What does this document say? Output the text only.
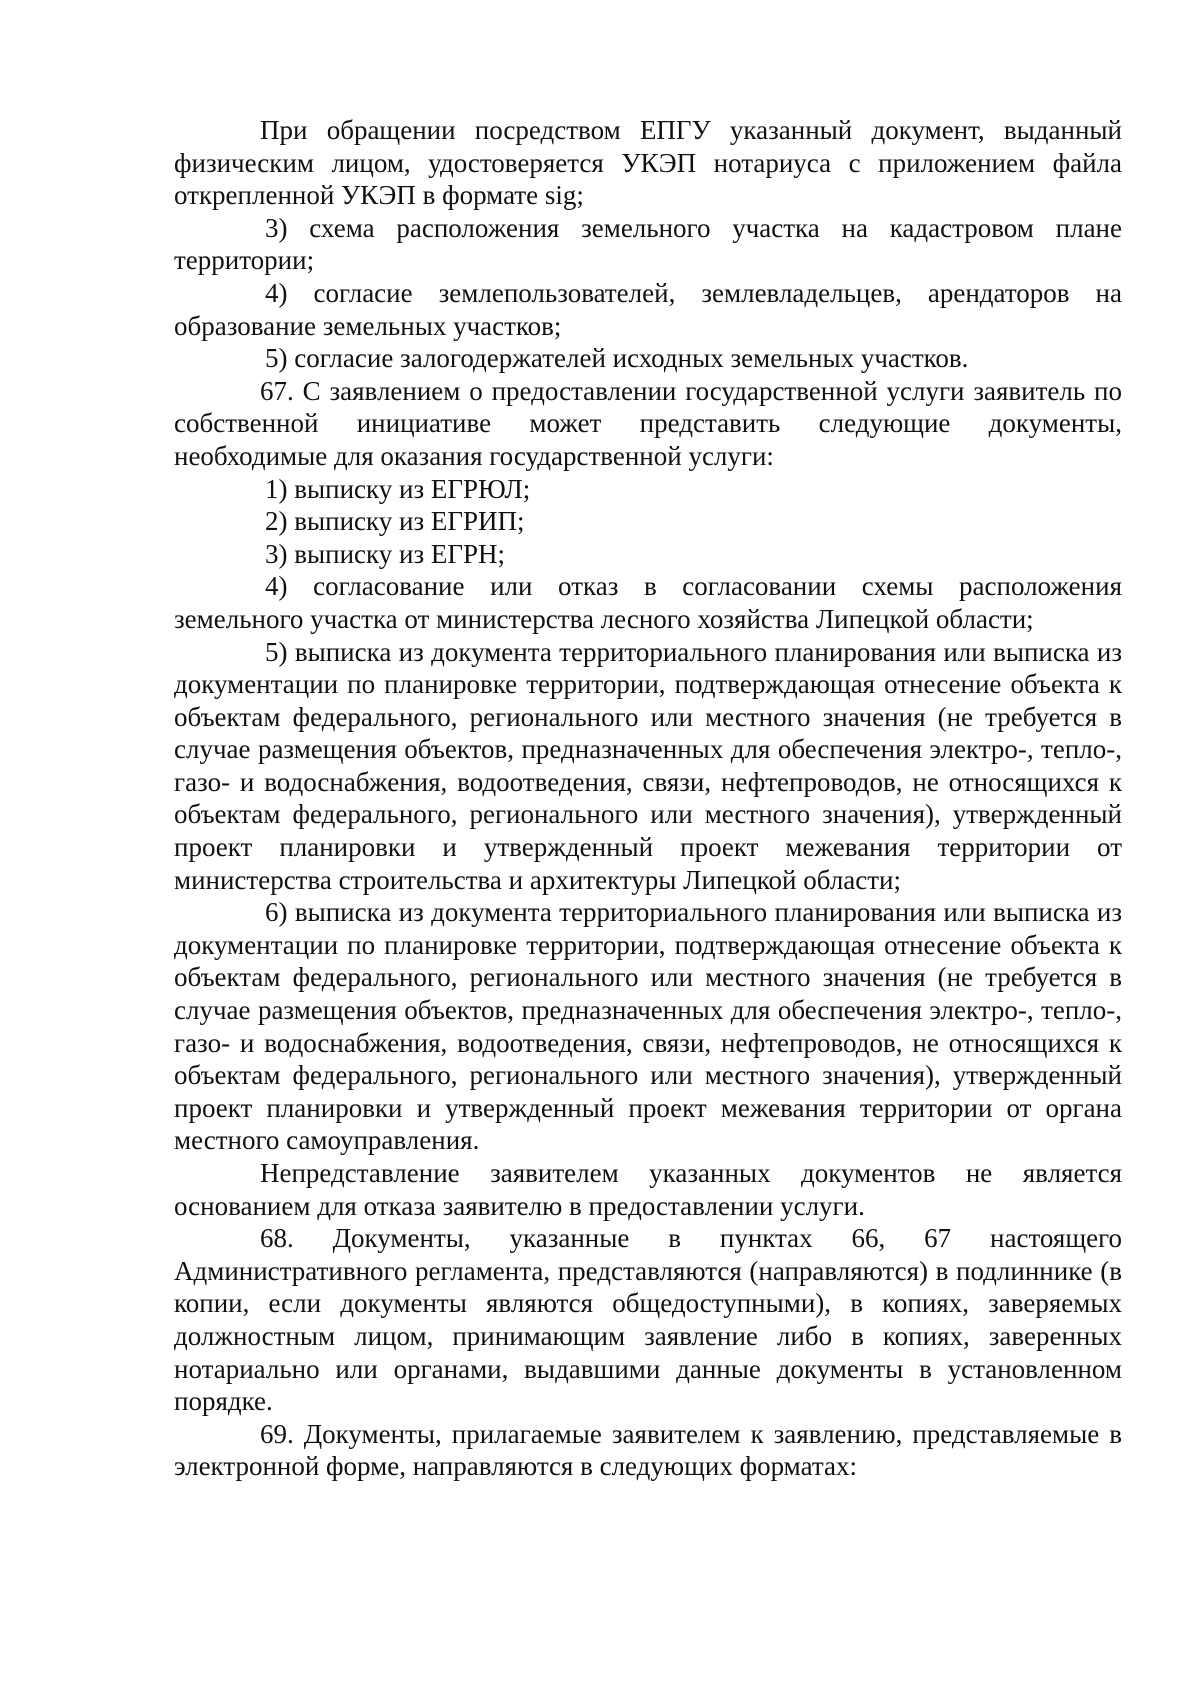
При обращении посредством ЕПГУ указанный документ, выданный физическим лицом, удостоверяется УКЭП нотариуса с приложением файла открепленной УКЭП в формате sig;

3) схема расположения земельного участка на кадастровом плане территории;

4) согласие землепользователей, землевладельцев, арендаторов на образование земельных участков;

5) согласие залогодержателей исходных земельных участков.

67. С заявлением о предоставлении государственной услуги заявитель по собственной инициативе может представить следующие документы, необходимые для оказания государственной услуги:

1) выписку из ЕГРЮЛ;

2) выписку из ЕГРИП;

3) выписку из ЕГРН;

4) согласование или отказ в согласовании схемы расположения земельного участка от министерства лесного хозяйства Липецкой области;

5) выписка из документа территориального планирования или выписка из документации по планировке территории, подтверждающая отнесение объекта к объектам федерального, регионального или местного значения (не требуется в случае размещения объектов, предназначенных для обеспечения электро-, тепло-, газо- и водоснабжения, водоотведения, связи, нефтепроводов, не относящихся к объектам федерального, регионального или местного значения), утвержденный проект планировки и утвержденный проект межевания территории от министерства строительства и архитектуры Липецкой области;

6) выписка из документа территориального планирования или выписка из документации по планировке территории, подтверждающая отнесение объекта к объектам федерального, регионального или местного значения (не требуется в случае размещения объектов, предназначенных для обеспечения электро-, тепло-, газо- и водоснабжения, водоотведения, связи, нефтепроводов, не относящихся к объектам федерального, регионального или местного значения), утвержденный проект планировки и утвержденный проект межевания территории от органа местного самоуправления.

Непредставление заявителем указанных документов не является основанием для отказа заявителю в предоставлении услуги.

68. Документы, указанные в пунктах 66, 67 настоящего Административного регламента, представляются (направляются) в подлиннике (в копии, если документы являются общедоступными), в копиях, заверяемых должностным лицом, принимающим заявление либо в копиях, заверенных нотариально или органами, выдавшими данные документы в установленном порядке.

69. Документы, прилагаемые заявителем к заявлению, представляемые в электронной форме, направляются в следующих форматах:
